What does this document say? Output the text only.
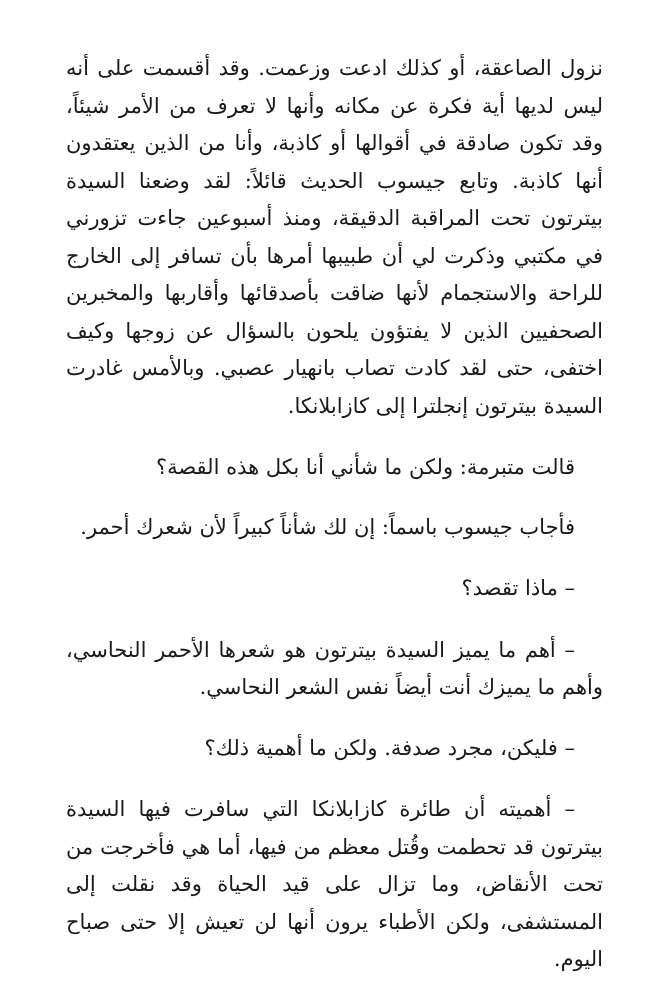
نزول الصاعقة، أو كذلك ادعت وزعمت. وقد أقسمت على أنه ليس لديها أية فكرة عن مكانه وأنها لا تعرف من الأمر شيئاً، وقد تكون صادقة في أقوالها أو كاذبة، وأنا من الذين يعتقدون أنها كاذبة. وتابع جيسوب الحديث قائلاً: لقد وضعنا السيدة بيترتون تحت المراقبة الدقيقة، ومنذ أسبوعين جاءت تزورني في مكتبي وذكرت لي أن طبيبها أمرها بأن تسافر إلى الخارج للراحة والاستجمام لأنها ضاقت بأصدقائها وأقاربها والمخبرين الصحفيين الذين لا يفتؤون يلحون بالسؤال عن زوجها وكيف اختفى، حتى لقد كادت تصاب بانهيار عصبي. وبالأمس غادرت السيدة بيترتون إنجلترا إلى كازابلانكا.

قالت متبرمة: ولكن ما شأني أنا بكل هذه القصة؟

فأجاب جيسوب باسماً: إن لك شأناً كبيراً لأن شعرك أحمر.

– ماذا تقصد؟

– أهم ما يميز السيدة بيترتون هو شعرها الأحمر النحاسي، وأهم ما يميزك أنت أيضاً نفس الشعر النحاسي.

– فليكن، مجرد صدفة. ولكن ما أهمية ذلك؟

– أهميته أن طائرة كازابلانكا التي سافرت فيها السيدة بيترتون قد تحطمت وقُتل معظم من فيها، أما هي فأخرجت من تحت الأنقاض، وما تزال على قيد الحياة وقد نقلت إلى المستشفى، ولكن الأطباء يرون أنها لن تعيش إلا حتى صباح اليوم.
